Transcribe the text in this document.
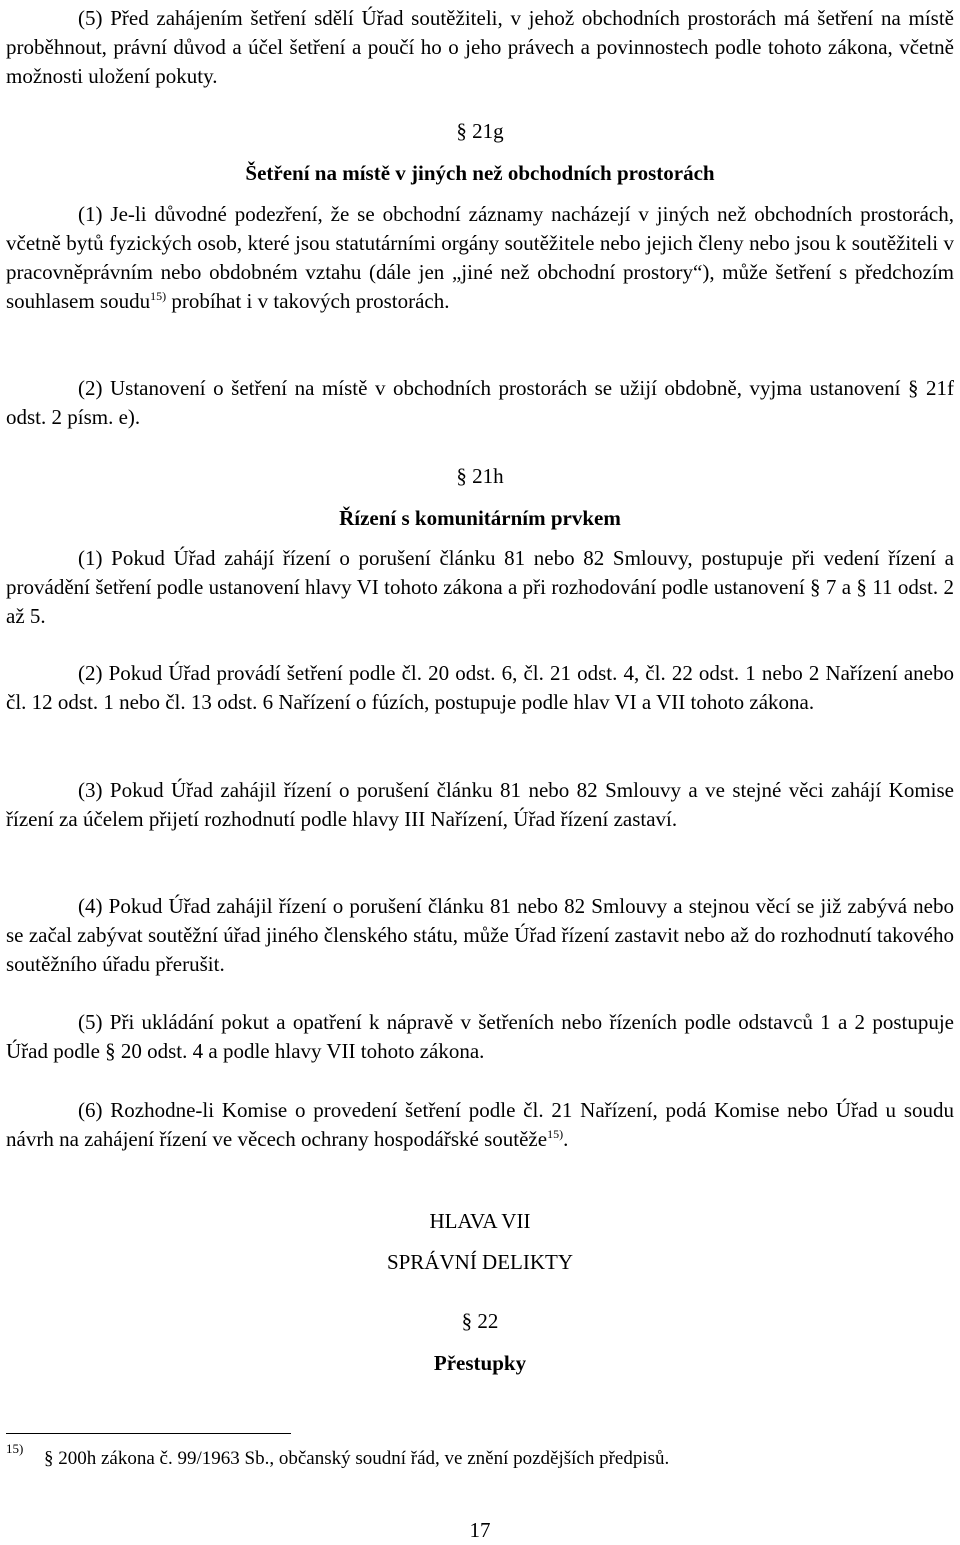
(5) Před zahájením šetření sdělí Úřad soutěžiteli, v jehož obchodních prostorách má šetření na místě proběhnout, právní důvod a účel šetření a poučí ho o jeho právech a povinnostech podle tohoto zákona, včetně možnosti uložení pokuty.

§ 21g

Šetření na místě v jiných než obchodních prostorách

(1) Je-li důvodné podezření, že se obchodní záznamy nacházejí v jiných než obchodních prostorách, včetně bytů fyzických osob, které jsou statutárními orgány soutěžitele nebo jejich členy nebo jsou k soutěžiteli v pracovněprávním nebo obdobném vztahu (dále jen „jiné než obchodní prostory“), může šetření s předchozím souhlasem soudu$^{15)}$ probíhat i v takových prostorách.

(2) Ustanovení o šetření na místě v obchodních prostorách se užijí obdobně, vyjma ustanovení § 21f odst. 2 písm. e).

§ 21h

Řízení s komunitárním prvkem

(1) Pokud Úřad zahájí řízení o porušení článku 81 nebo 82 Smlouvy, postupuje při vedení řízení a provádění šetření podle ustanovení hlavy VI tohoto zákona a při rozhodování podle ustanovení § 7 a § 11 odst. 2 až 5.

(2) Pokud Úřad provádí šetření podle čl. 20 odst. 6, čl. 21 odst. 4, čl. 22 odst. 1 nebo 2 Nařízení anebo čl. 12 odst. 1 nebo čl. 13 odst. 6 Nařízení o fúzích, postupuje podle hlav VI a VII tohoto zákona.

(3) Pokud Úřad zahájil řízení o porušení článku 81 nebo 82 Smlouvy a ve stejné věci zahájí Komise řízení za účelem přijetí rozhodnutí podle hlavy III Nařízení, Úřad řízení zastaví.

(4) Pokud Úřad zahájil řízení o porušení článku 81 nebo 82 Smlouvy a stejnou věcí se již zabývá nebo se začal zabývat soutěžní úřad jiného členského státu, může Úřad řízení zastavit nebo až do rozhodnutí takového soutěžního úřadu přerušit.

(5) Při ukládání pokut a opatření k nápravě v šetřeních nebo řízeních podle odstavců 1 a 2 postupuje Úřad podle § 20 odst. 4 a podle hlavy VII tohoto zákona.

(6) Rozhodne-li Komise o provedení šetření podle čl. 21 Nařízení, podá Komise nebo Úřad u soudu návrh na zahájení řízení ve věcech ochrany hospodářské soutěže$^{15)}$.

HLAVA VII

SPRÁVNÍ DELIKTY

§ 22

Přestupky

15) § 200h zákona č. 99/1963 Sb., občanský soudní řád, ve znění pozdějších předpisů.
17
